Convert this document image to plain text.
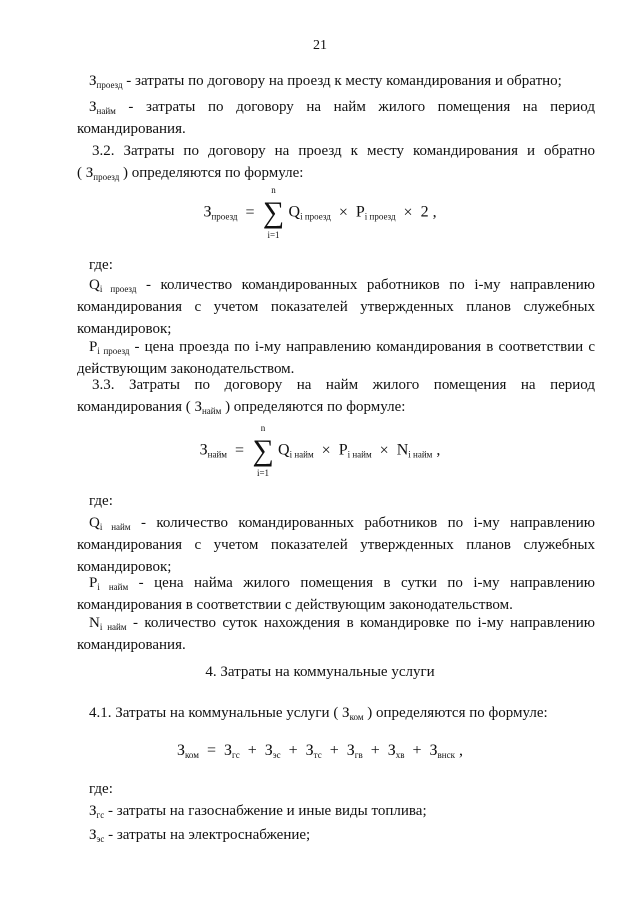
21
$З_{проезд}$ - затраты по договору на проезд к месту командирования и обратно;
$З_{найм}$ - затраты по договору на найм жилого помещения на период
командирования.
3.2. Затраты по договору на проезд к месту командирования и обратно
( $З_{проезд}$ ) определяются по формуле:
$З_{проезд}$ =
n
∑
i=1
$Q_{i проезд} \times P_{i проезд} \times 2$ ,
где:
$Q_{i проезд}$ - количество командированных работников по i-му направлению
командирования с учетом показателей утвержденных планов служебных
командировок;
$P_{i проезд}$ - цена проезда по i-му направлению командирования в соответствии с
действующим законодательством.
3.3. Затраты по договору на найм жилого помещения на период
командирования ( $З_{найм}$ ) определяются по формуле:
$З_{найм}$ =
n
∑
i=1
$Q_{i найм} \times P_{i найм} \times N_{i найм}$ ,
где:
$Q_{i найм}$ - количество командированных работников по i-му направлению
командирования с учетом показателей утвержденных планов служебных
командировок;
$P_{i найм}$ - цена найма жилого помещения в сутки по i-му направлению
командирования в соответствии с действующим законодательством.
$N_{i найм}$ - количество суток нахождения в командировке по i-му направлению
командирования.
4. Затраты на коммунальные услуги
4.1. Затраты на коммунальные услуги ( $З_{ком}$ ) определяются по формуле:
$З_{ком} = З_{гс} + З_{эс} + З_{тс} + З_{гв} + З_{хв} + З_{внск}$ ,
где:
$З_{гс}$ - затраты на газоснабжение и иные виды топлива;
$З_{эс}$ - затраты на электроснабжение;
